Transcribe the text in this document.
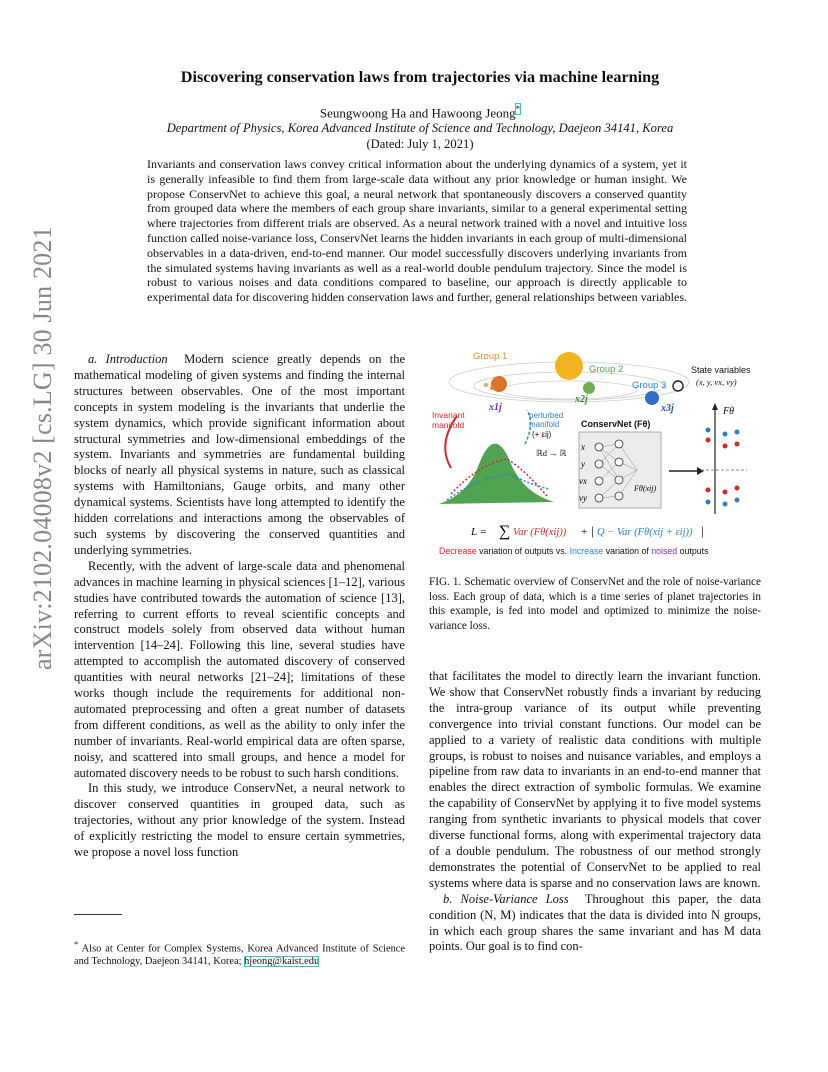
arXiv:2102.04008v2 [cs.LG] 30 Jun 2021
Discovering conservation laws from trajectories via machine learning
Seungwoong Ha and Hawoong Jeong*
Department of Physics, Korea Advanced Institute of Science and Technology, Daejeon 34141, Korea
(Dated: July 1, 2021)
Invariants and conservation laws convey critical information about the underlying dynamics of a system, yet it is generally infeasible to find them from large-scale data without any prior knowledge or human insight. We propose ConservNet to achieve this goal, a neural network that spontaneously discovers a conserved quantity from grouped data where the members of each group share invariants, similar to a general experimental setting where trajectories from different trials are observed. As a neural network trained with a novel and intuitive loss function called noise-variance loss, ConservNet learns the hidden invariants in each group of multi-dimensional observables in a data-driven, end-to-end manner. Our model successfully discovers underlying invariants from the simulated systems having invariants as well as a real-world double pendulum trajectory. Since the model is robust to various noises and data conditions compared to baseline, our approach is directly applicable to experimental data for discovering hidden conservation laws and further, general relationships between variables.

a. Introduction Modern science greatly depends on the mathematical modeling of given systems and finding the internal structures between observables. One of the most important concepts in system modeling is the invariants that underlie the system dynamics, which provide significant information about structural symmetries and low-dimensional embeddings of the system. Invariants and symmetries are fundamental building blocks of nearly all physical systems in nature, such as classical systems with Hamiltonians, Gauge orbits, and many other dynamical systems. Scientists have long attempted to identify the hidden correlations and interactions among the observables of such systems by discovering the conserved quantities and underlying symmetries.

Recently, with the advent of large-scale data and phenomenal advances in machine learning in physical sciences [1–12], various studies have contributed towards the automation of science [13], referring to current efforts to reveal scientific concepts and construct models solely from observed data without human intervention [14–24]. Following this line, several studies have attempted to accomplish the automated discovery of conserved quantities with neural networks [21–24]; limitations of these works though include the requirements for additional non-automated preprocessing and often a great number of datasets from different conditions, as well as the ability to only infer the number of invariants. Real-world empirical data are often sparse, noisy, and scattered into small groups, and hence a model for automated discovery needs to be robust to such harsh conditions.

In this study, we introduce ConservNet, a neural network to discover conserved quantities in grouped data, such as trajectories, without any prior knowledge of the system. Instead of explicitly restricting the model to ensure certain symmetries, we propose a novel loss function

* Also at Center for Complex Systems, Korea Advanced Institute of Science and Technology, Daejeon 34141, Korea; hjeong@kaist.edu
Group 1
Group 2
Group 3
State variables
(x, y, vx, vy)
x1j
x2j
x3j
Invariant
manifold
perturbed
manifold
(+ εij)
ConservNet (Fθ)
ℝd → ℝ
x
y
vx
vy
Fθ(xij)
Fθ
L = ∑ Var (Fθ(xij)) + | Q − Var (Fθ(xij + εij)) |
Decrease variation of outputs vs. Increase variation of noised outputs
FIG. 1. Schematic overview of ConservNet and the role of noise-variance loss. Each group of data, which is a time series of planet trajectories in this example, is fed into model and optimized to minimize the noise-variance loss.

that facilitates the model to directly learn the invariant function. We show that ConservNet robustly finds a invariant by reducing the intra-group variance of its output while preventing convergence into trivial constant functions. Our model can be applied to a variety of realistic data conditions with multiple groups, is robust to noises and nuisance variables, and employs a pipeline from raw data to invariants in an end-to-end manner that enables the direct extraction of symbolic formulas. We examine the capability of ConservNet by applying it to five model systems ranging from synthetic invariants to physical models that cover diverse functional forms, along with experimental trajectory data of a double pendulum. The robustness of our method strongly demonstrates the potential of ConservNet to be applied to real systems where data is sparse and no conservation laws are known.

b. Noise-Variance Loss Throughout this paper, the data condition (N, M) indicates that the data is divided into N groups, in which each group shares the same invariant and has M data points. Our goal is to find con-
